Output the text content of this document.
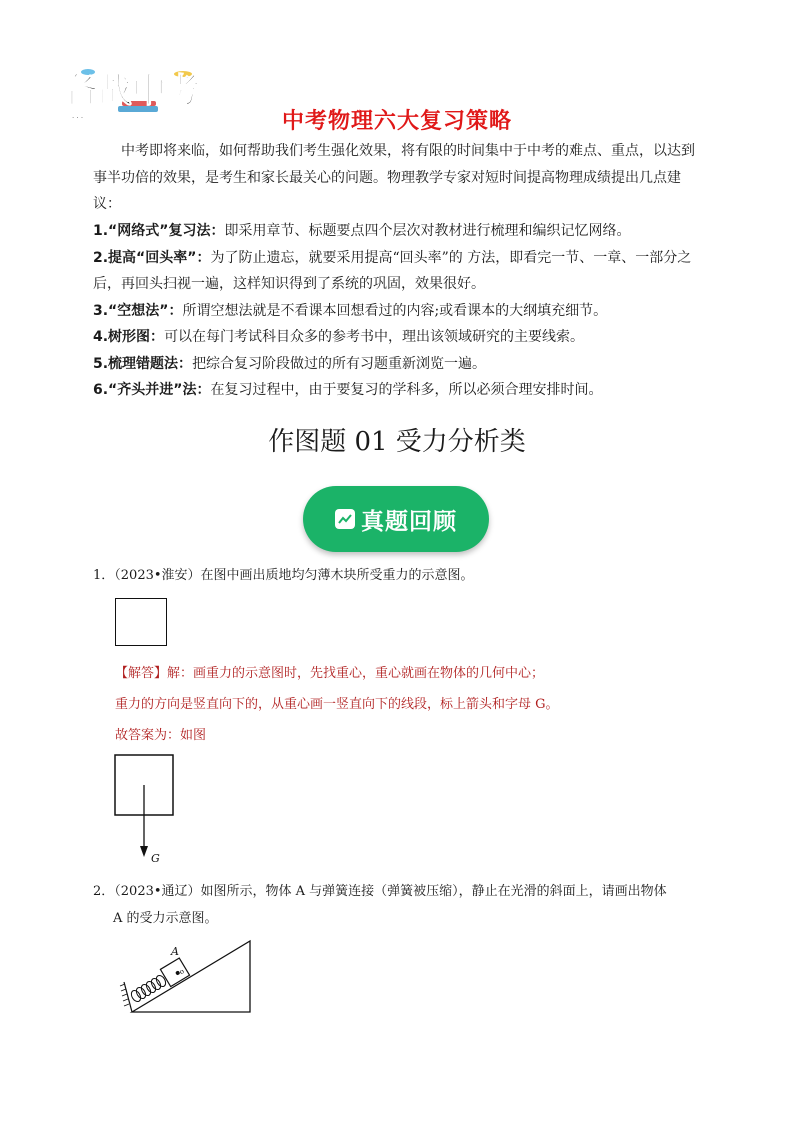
备战中考
· · ·	中考物理六大复习策略
中考即将来临，如何帮助我们考生强化效果，将有限的时间集中于中考的难点、重点，以达到事半功倍的效果，是考生和家长最关心的问题。物理教学专家对短时间提高物理成绩提出几点建议：

1.“网络式”复习法：即采用章节、标题要点四个层次对教材进行梳理和编织记忆网络。

2.提高“回头率”：为了防止遗忘，就要采用提高“回头率”的 方法，即看完一节、一章、一部分之后，再回头扫视一遍，这样知识得到了系统的巩固，效果很好。

3.“空想法”：所谓空想法就是不看课本回想看过的内容;或看课本的大纲填充细节。

4.树形图：可以在每门考试科目众多的参考书中，理出该领域研究的主要线索。

5.梳理错题法：把综合复习阶段做过的所有习题重新浏览一遍。

6.“齐头并进”法：在复习过程中，由于要复习的学科多，所以必须合理安排时间。

作图题 01 受力分析类
真题回顾
1．（2023•淮安）在图中画出质地均匀薄木块所受重力的示意图。

【解答】解：画重力的示意图时，先找重心，重心就画在物体的几何中心；

重力的方向是竖直向下的，从重心画一竖直向下的线段，标上箭头和字母 G。

故答案为：如图

G
2．（2023•通辽）如图所示，物体 A 与弹簧连接（弹簧被压缩），静止在光滑的斜面上，请画出物体
A 的受力示意图。
o
A
